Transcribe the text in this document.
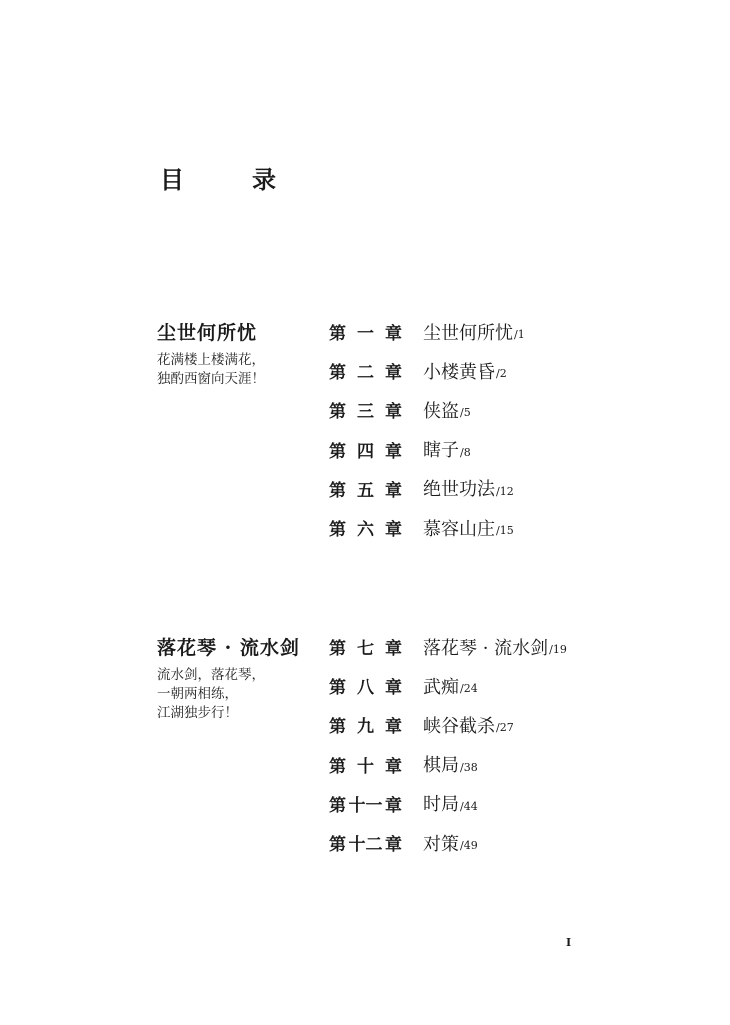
目　录
尘世何所忧
花满楼上楼满花，
独酌西窗向天涯！
第 一 章 尘世何所忧 /1
第 二 章 小楼黄昏 /2
第 三 章 侠盗 /5
第 四 章 瞎子 /8
第 五 章 绝世功法 /12
第 六 章 慕容山庄 /15
落花琴 · 流水剑
流水剑，落花琴，
一朝两相练，
江湖独步行！
第 七 章 落花琴 · 流水剑 /19
第 八 章 武痴 /24
第 九 章 峡谷截杀 /27
第 十 章 棋局 /38
第 十一 章 时局 /44
第 十二 章 对策 /49
I
